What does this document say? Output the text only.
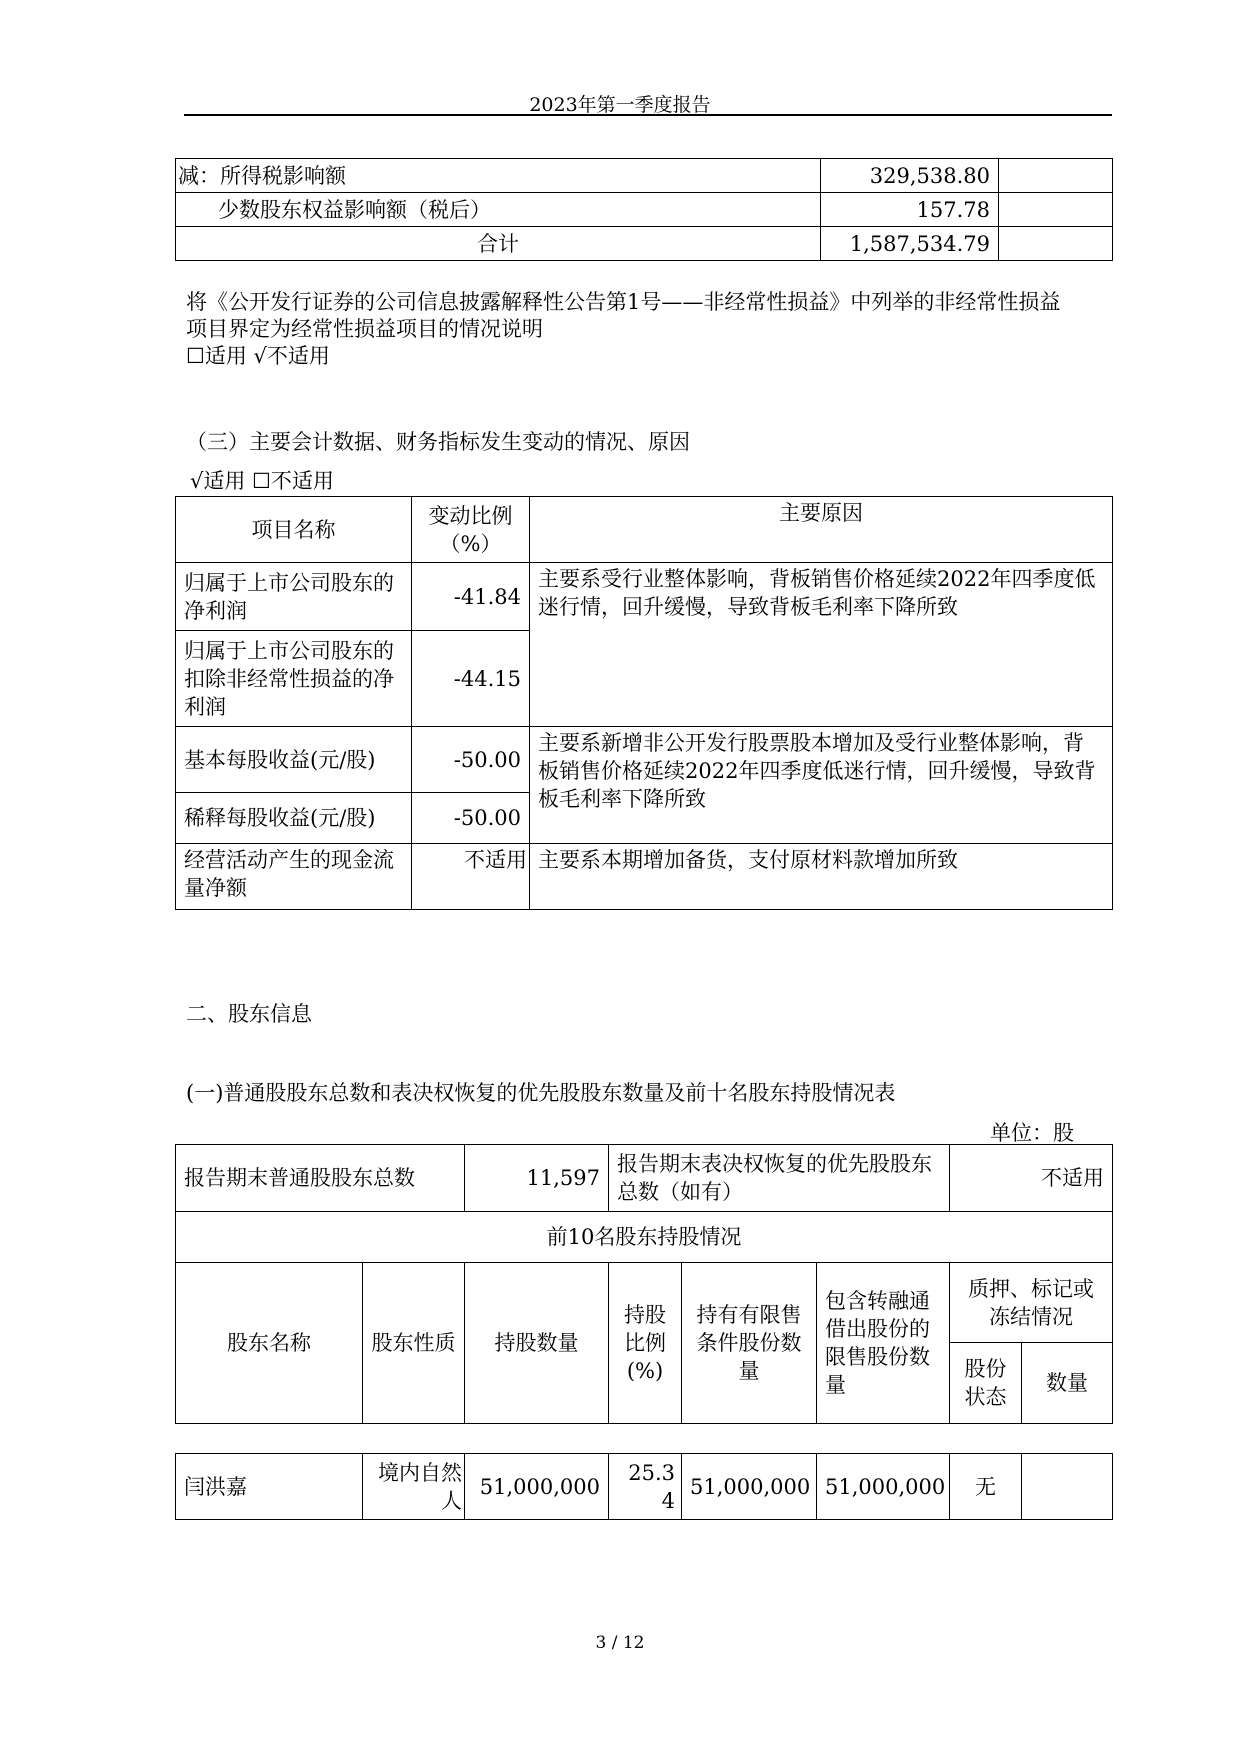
2023年第一季度报告
减：所得税影响额	329,538.80	
少数股东权益影响额（税后）	157.78	
合计	1,587,534.79	
将《公开发行证券的公司信息披露解释性公告第1号——非经常性损益》中列举的非经常性损益
项目界定为经常性损益项目的情况说明
☐适用 √不适用
（三）主要会计数据、财务指标发生变动的情况、原因
√适用 ☐不适用
项目名称	变动比例（%）	主要原因
归属于上市公司股东的净利润	-41.84	主要系受行业整体影响，背板销售价格延续2022年四季度低迷行情，回升缓慢，导致背板毛利率下降所致
归属于上市公司股东的扣除非经常性损益的净利润	-44.15	
基本每股收益(元/股)	-50.00	主要系新增非公开发行股票股本增加及受行业整体影响，背板销售价格延续2022年四季度低迷行情，回升缓慢，导致背板毛利率下降所致
稀释每股收益(元/股)	-50.00	
经营活动产生的现金流量净额	不适用	主要系本期增加备货，支付原材料款增加所致
二、股东信息
(一)普通股股东总数和表决权恢复的优先股股东数量及前十名股东持股情况表
单位：股
报告期末普通股股东总数		11,597	报告期末表决权恢复的优先股股东总数（如有）			不适用	
前10名股东持股情况							
股东名称	股东性质	持股数量	持股比例(%)	持有有限售条件股份数量	包含转融通借出股份的限售股份数量	质押、标记或冻结情况	
						股份状态	数量
闫洪嘉	境内自然人	51,000,000	25.34	51,000,000	51,000,000	无	
3 / 12
